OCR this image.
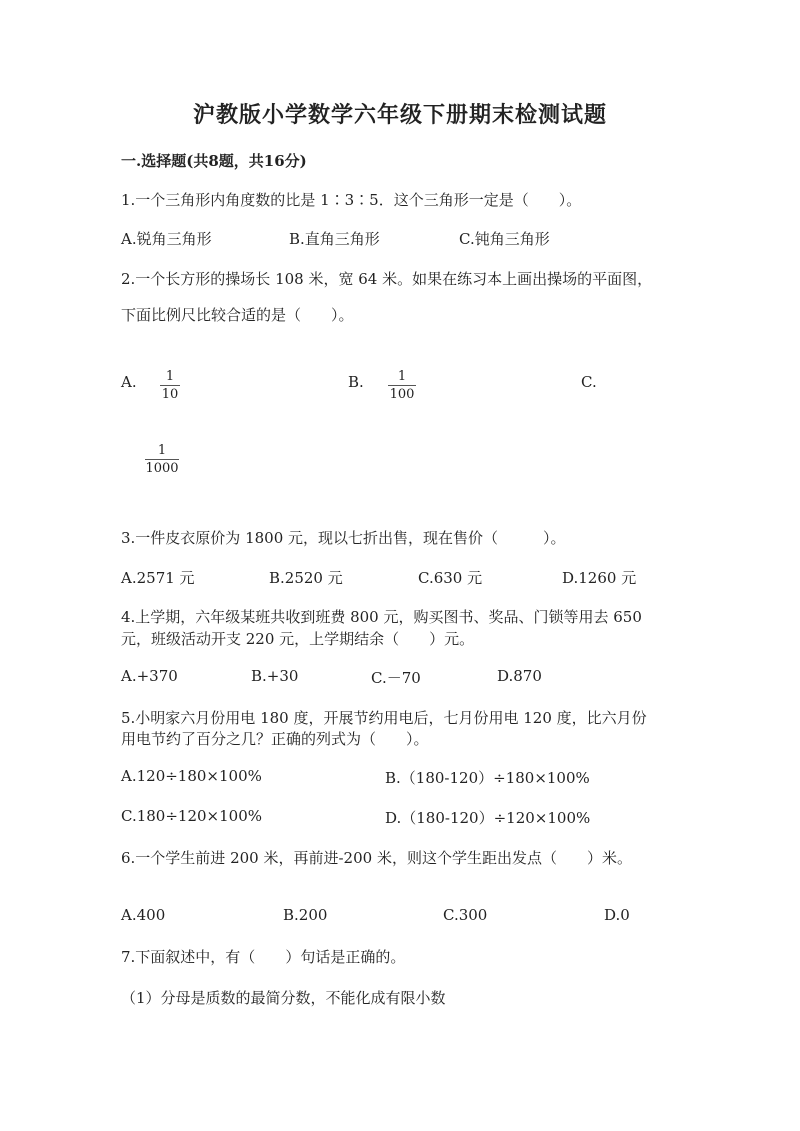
沪教版小学数学六年级下册期末检测试题
一.选择题(共8题，共16分)
1.一个三角形内角度数的比是 1∶3∶5．这个三角形一定是（　　）。
A.锐角三角形	B.直角三角形	C.钝角三角形
2.一个长方形的操场长 108 米，宽 64 米。如果在练习本上画出操场的平面图，
下面比例尺比较合适的是（　　）。
A.	1
10
B.	1
100
C.
1
1000
3.一件皮衣原价为 1800 元，现以七折出售，现在售价（　　　）。
A.2571 元	B.2520 元	C.630 元	D.1260 元
4.上学期，六年级某班共收到班费 800 元，购买图书、奖品、门锁等用去 650
元，班级活动开支 220 元，上学期结余（　　）元。
A.+370	B.+30	C.－70	D.870
5.小明家六月份用电 180 度，开展节约用电后，七月份用电 120 度，比六月份
用电节约了百分之几？正确的列式为（　　）。
A.120÷180×100%	B.（180-120）÷180×100%
C.180÷120×100%	D.（180-120）÷120×100%
6.一个学生前进 200 米，再前进-200 米，则这个学生距出发点（　　）米。
A.400	B.200	C.300	D.0
7.下面叙述中，有（　　）句话是正确的。
（1）分母是质数的最简分数，不能化成有限小数
